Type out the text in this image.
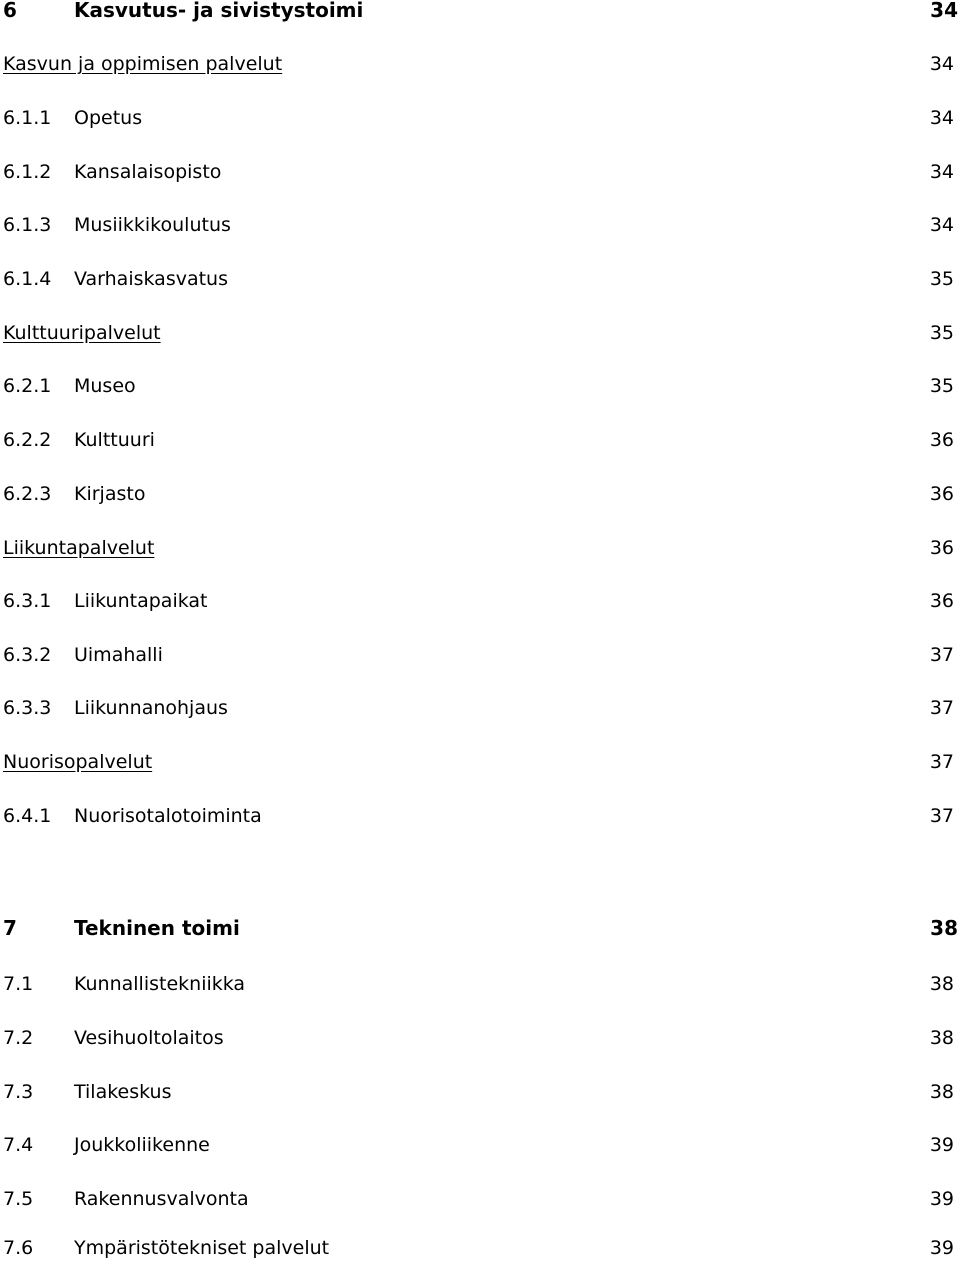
6	Kasvutus- ja sivistystoimi	34
Kasvun ja oppimisen palvelut	34
6.1.1 Opetus	34
6.1.2 Kansalaisopisto	34
6.1.3 Musiikkikoulutus	34
6.1.4 Varhaiskasvatus	35
Kulttuuripalvelut	35
6.2.1 Museo	35
6.2.2 Kulttuuri	36
6.2.3 Kirjasto	36
Liikuntapalvelut	36
6.3.1 Liikuntapaikat	36
6.3.2 Uimahalli	37
6.3.3 Liikunnanohjaus	37
Nuorisopalvelut	37
6.4.1 Nuorisotalotoiminta	37
7	Tekninen toimi	38
7.1 Kunnallistekniikka	38
7.2 Vesihuoltolaitos	38
7.3 Tilakeskus	38
7.4 Joukkoliikenne	39
7.5 Rakennusvalvonta	39
7.6 Ympäristötekniset palvelut	39
